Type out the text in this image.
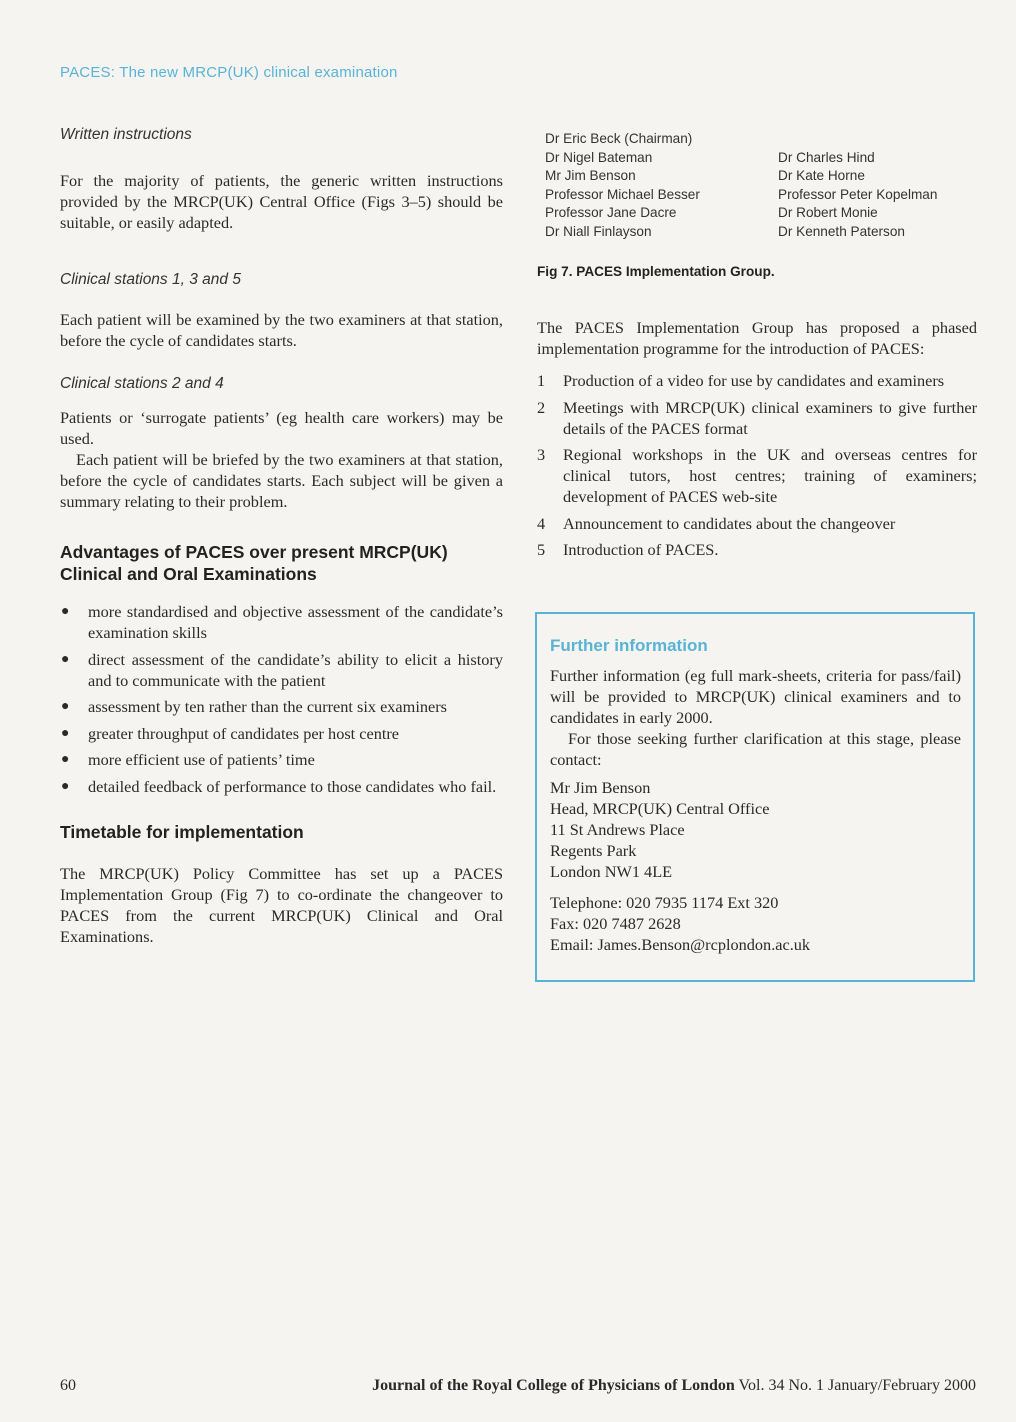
PACES: The new MRCP(UK) clinical examination

Written instructions

For the majority of patients, the generic written instructions provided by the MRCP(UK) Central Office (Figs 3–5) should be suitable, or easily adapted.

Clinical stations 1, 3 and 5

Each patient will be examined by the two examiners at that station, before the cycle of candidates starts.

Clinical stations 2 and 4

Patients or ‘surrogate patients’ (eg health care workers) may be used.

Each patient will be briefed by the two examiners at that station, before the cycle of candidates starts. Each subject will be given a summary relating to their problem.

Advantages of PACES over present MRCP(UK) Clinical and Oral Examinations
● more standardised and objective assessment of the candidate’s examination skills
● direct assessment of the candidate’s ability to elicit a history and to communicate with the patient
● assessment by ten rather than the current six examiners
● greater throughput of candidates per host centre
● more efficient use of patients’ time
● detailed feedback of performance to those candidates who fail.
Timetable for implementation

The MRCP(UK) Policy Committee has set up a PACES Implementation Group (Fig 7) to co-ordinate the changeover to PACES from the current MRCP(UK) Clinical and Oral Examinations.

Dr Eric Beck (Chairman)
Dr Nigel Bateman
Mr Jim Benson
Professor Michael Besser
Professor Jane Dacre
Dr Niall Finlayson
Dr Charles Hind
Dr Kate Horne
Professor Peter Kopelman
Dr Robert Monie
Dr Kenneth Paterson

Fig 7. PACES Implementation Group.

The PACES Implementation Group has proposed a phased implementation programme for the introduction of PACES:

1 Production of a video for use by candidates and examiners
2 Meetings with MRCP(UK) clinical examiners to give further details of the PACES format
3 Regional workshops in the UK and overseas centres for clinical tutors, host centres; training of examiners; development of PACES web-site
4 Announcement to candidates about the changeover
5 Introduction of PACES.
Further information

Further information (eg full mark-sheets, criteria for pass/fail) will be provided to MRCP(UK) clinical examiners and to candidates in early 2000.

For those seeking further clarification at this stage, please contact:

Mr Jim Benson
Head, MRCP(UK) Central Office
11 St Andrews Place
Regents Park
London NW1 4LE
Telephone: 020 7935 1174 Ext 320
Fax: 020 7487 2628
Email: James.Benson@rcplondon.ac.uk
60	Journal of the Royal College of Physicians of London Vol. 34 No. 1 January/February 2000
